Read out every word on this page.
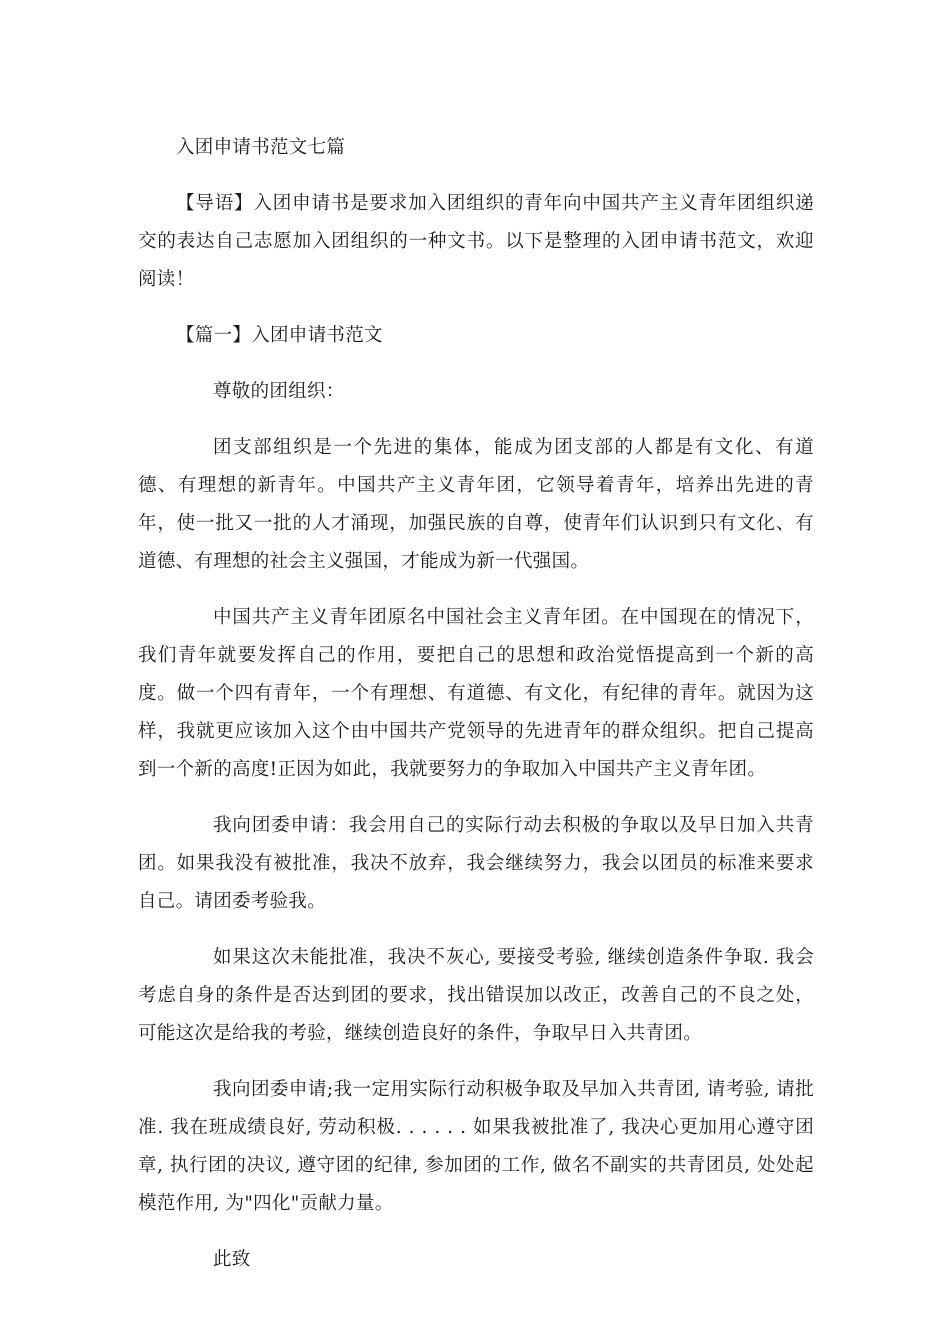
入团申请书范文七篇

【导语】入团申请书是要求加入团组织的青年向中国共产主义青年团组织递交的表达自己志愿加入团组织的一种文书。以下是整理的入团申请书范文，欢迎阅读！

【篇一】入团申请书范文

尊敬的团组织：

团支部组织是一个先进的集体，能成为团支部的人都是有文化、有道德、有理想的新青年。中国共产主义青年团，它领导着青年，培养出先进的青年，使一批又一批的人才涌现，加强民族的自尊，使青年们认识到只有文化、有道德、有理想的社会主义强国，才能成为新一代强国。

中国共产主义青年团原名中国社会主义青年团。在中国现在的情况下，我们青年就要发挥自己的作用，要把自己的思想和政治觉悟提高到一个新的高度。做一个四有青年，一个有理想、有道德、有文化，有纪律的青年。就因为这样，我就更应该加入这个由中国共产党领导的先进青年的群众组织。把自己提高到一个新的高度!正因为如此，我就要努力的争取加入中国共产主义青年团。

我向团委申请：我会用自己的实际行动去积极的争取以及早日加入共青团。如果我没有被批准，我决不放弃，我会继续努力，我会以团员的标准来要求自己。请团委考验我。

如果这次未能批准，我决不灰心, 要接受考验, 继续创造条件争取. 我会考虑自身的条件是否达到团的要求，找出错误加以改正，改善自己的不良之处，可能这次是给我的考验，继续创造良好的条件，争取早日入共青团。

我向团委申请;我一定用实际行动积极争取及早加入共青团, 请考验, 请批准. 我在班成绩良好, 劳动积极. . . . . . 如果我被批准了, 我决心更加用心遵守团章, 执行团的决议, 遵守团的纪律, 参加团的工作, 做名不副实的共青团员, 处处起模范作用, 为"四化"贡献力量。

此致
